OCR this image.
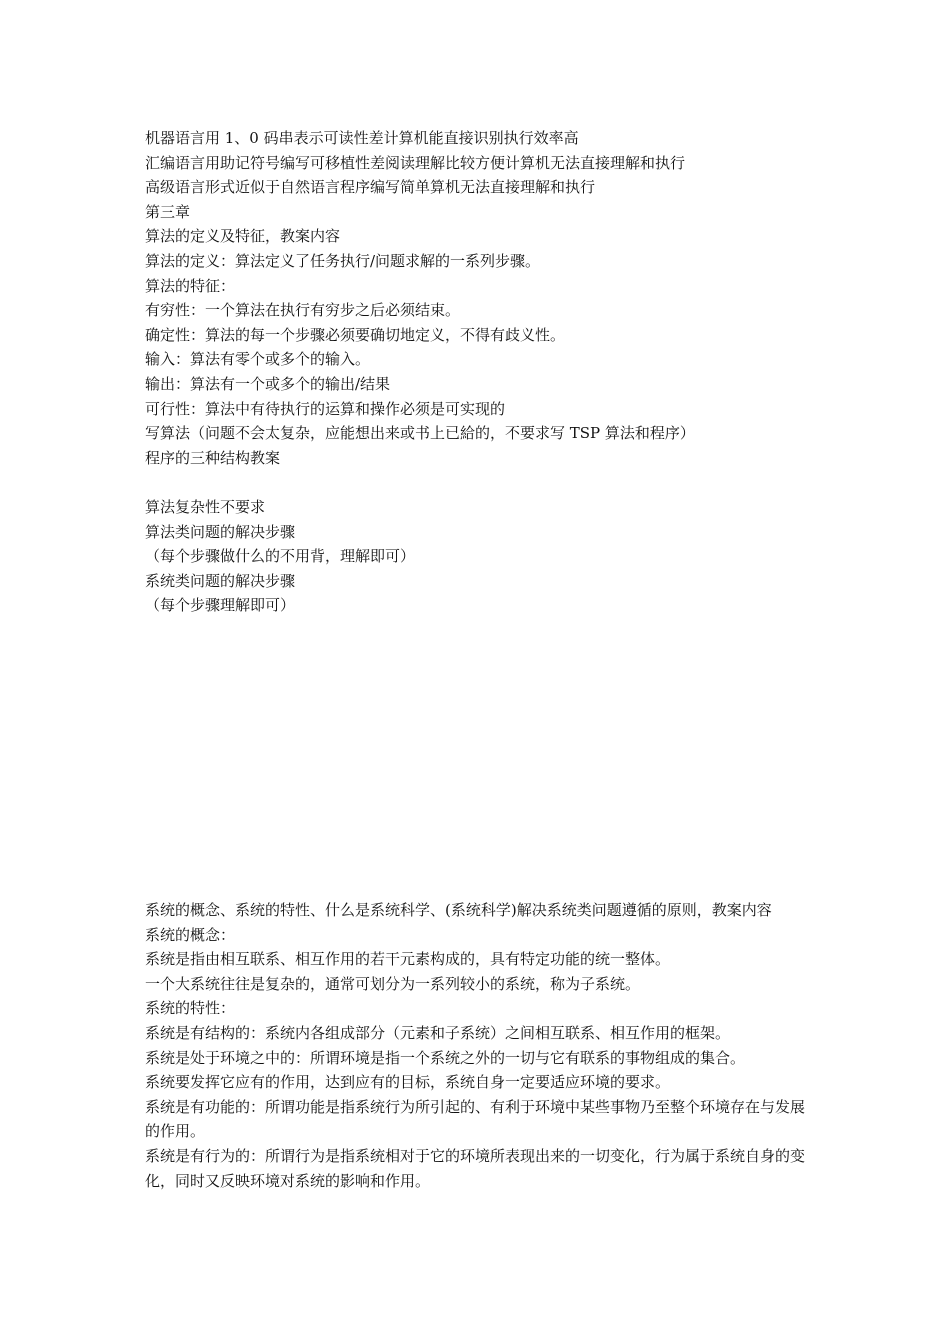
机器语言用 1、0 码串表示可读性差计算机能直接识别执行效率高

汇编语言用助记符号编写可移植性差阅读理解比较方便计算机无法直接理解和执行

高级语言形式近似于自然语言程序编写简单算机无法直接理解和执行

第三章

算法的定义及特征，教案内容

算法的定义：算法定义了任务执行/问题求解的一系列步骤。

算法的特征：

有穷性：一个算法在执行有穷步之后必须结束。

确定性：算法的每一个步骤必须要确切地定义，不得有歧义性。

输入：算法有零个或多个的输入。

输出：算法有一个或多个的输出/结果

可行性：算法中有待执行的运算和操作必须是可实现的

写算法（问题不会太复杂，应能想出来或书上已給的，不要求写 TSP 算法和程序）

程序的三种结构教案

算法复杂性不要求

算法类问题的解决步骤

（每个步骤做什么的不用背，理解即可）

系统类问题的解决步骤

（每个步骤理解即可）

系统的概念、系统的特性、什么是系统科学、(系统科学)解决系统类问题遵循的原则，教案内容

系统的概念：

系统是指由相互联系、相互作用的若干元素构成的，具有特定功能的统一整体。

一个大系统往往是复杂的，通常可划分为一系列较小的系统，称为子系统。

系统的特性：

系统是有结构的：系统内各组成部分（元素和子系统）之间相互联系、相互作用的框架。

系统是处于环境之中的：所谓环境是指一个系统之外的一切与它有联系的事物组成的集合。

系统要发挥它应有的作用，达到应有的目标，系统自身一定要适应环境的要求。

系统是有功能的：所谓功能是指系统行为所引起的、有利于环境中某些事物乃至整个环境存在与发展的作用。

系统是有行为的：所谓行为是指系统相对于它的环境所表现出来的一切变化，行为属于系统自身的变化，同时又反映环境对系统的影响和作用。
